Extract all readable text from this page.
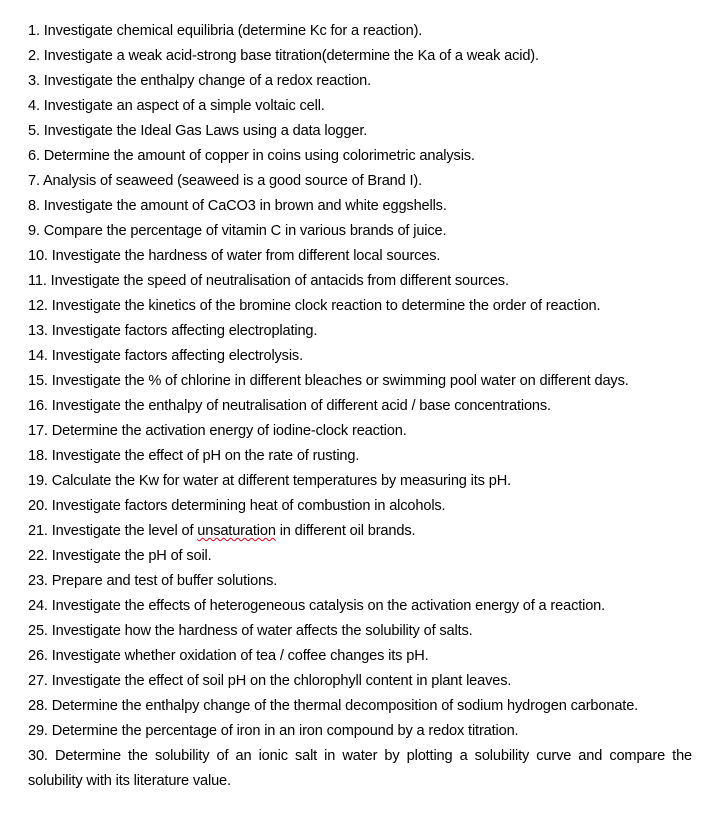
1. Investigate chemical equilibria (determine Kc for a reaction).

2. Investigate a weak acid-strong base titration(determine the Ka of a weak acid).

3. Investigate the enthalpy change of a redox reaction.

4. Investigate an aspect of a simple voltaic cell.

5. Investigate the Ideal Gas Laws using a data logger.

6. Determine the amount of copper in coins using colorimetric analysis.

7. Analysis of seaweed (seaweed is a good source of Brand I).

8. Investigate the amount of CaCO3 in brown and white eggshells.

9. Compare the percentage of vitamin C in various brands of juice.

10. Investigate the hardness of water from different local sources.

11. Investigate the speed of neutralisation of antacids from different sources.

12. Investigate the kinetics of the bromine clock reaction to determine the order of reaction.

13. Investigate factors affecting electroplating.

14. Investigate factors affecting electrolysis.

15. Investigate the % of chlorine in different bleaches or swimming pool water on different days.

16. Investigate the enthalpy of neutralisation of different acid / base concentrations.

17. Determine the activation energy of iodine-clock reaction.

18. Investigate the effect of pH on the rate of rusting.

19. Calculate the Kw for water at different temperatures by measuring its pH.

20. Investigate factors determining heat of combustion in alcohols.

21. Investigate the level of unsaturation in different oil brands.

22. Investigate the pH of soil.

23. Prepare and test of buffer solutions.

24. Investigate the effects of heterogeneous catalysis on the activation energy of a reaction.

25. Investigate how the hardness of water affects the solubility of salts.

26. Investigate whether oxidation of tea / coffee changes its pH.

27. Investigate the effect of soil pH on the chlorophyll content in plant leaves.

28. Determine the enthalpy change of the thermal decomposition of sodium hydrogen carbonate.

29. Determine the percentage of iron in an iron compound by a redox titration.

30. Determine the solubility of an ionic salt in water by plotting a solubility curve and compare the solubility with its literature value.
